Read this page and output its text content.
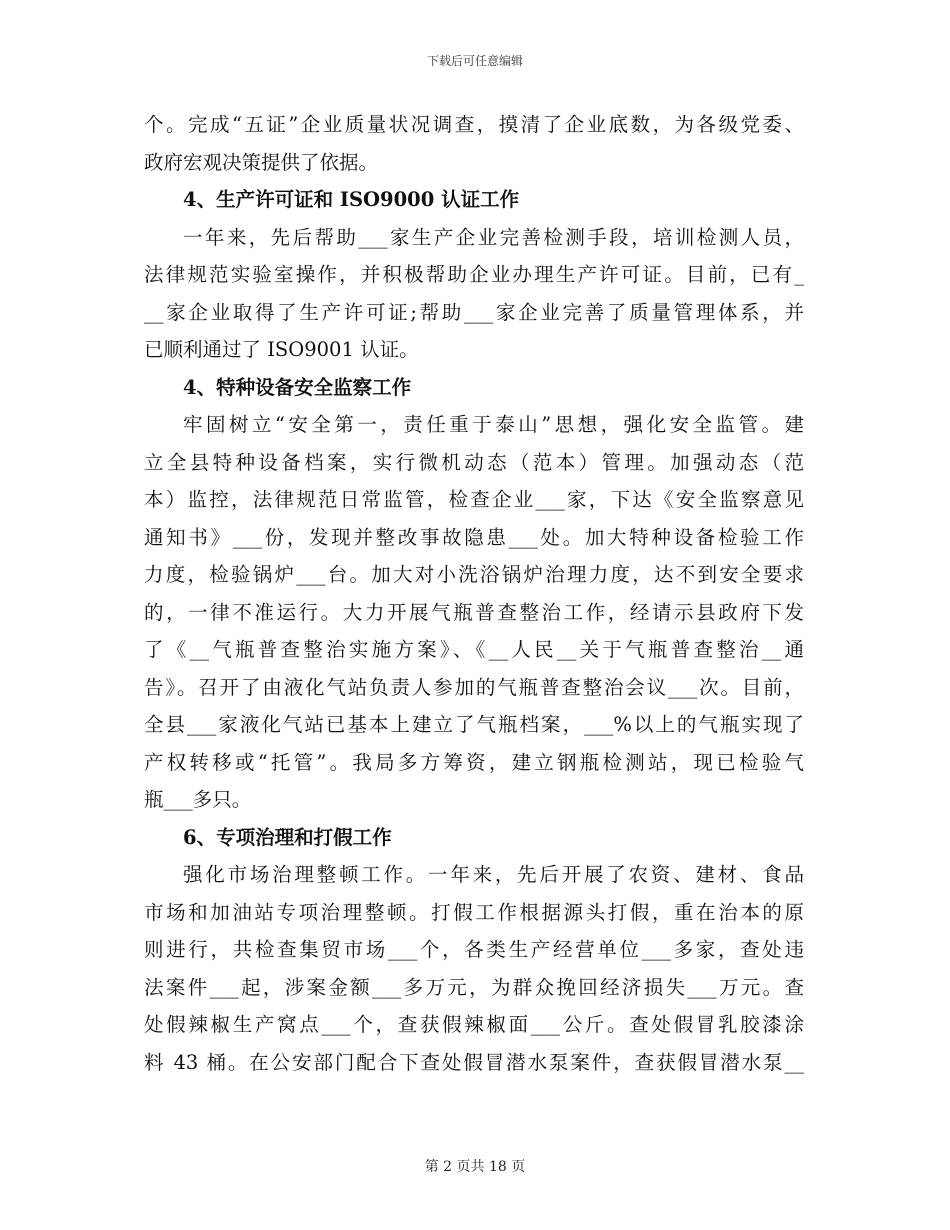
下载后可任意编辑
个。完成“五证”企业质量状况调查，摸清了企业底数，为各级党委、
政府宏观决策提供了依据。
4、生产许可证和 ISO9000 认证工作
一年来，先后帮助___家生产企业完善检测手段，培训检测人员，
法律规范实验室操作，并积极帮助企业办理生产许可证。目前，已有_
__家企业取得了生产许可证;帮助___家企业完善了质量管理体系，并
已顺利通过了 ISO9001 认证。
4、特种设备安全监察工作
牢固树立“安全第一，责任重于泰山”思想，强化安全监管。建
立全县特种设备档案，实行微机动态（范本）管理。加强动态（范
本）监控，法律规范日常监管，检查企业___家，下达《安全监察意见
通知书》___份，发现并整改事故隐患___处。加大特种设备检验工作
力度，检验锅炉___台。加大对小洗浴锅炉治理力度，达不到安全要求
的，一律不准运行。大力开展气瓶普查整治工作，经请示县政府下发
了《__气瓶普查整治实施方案》、《__人民__关于气瓶普查整治__通
告》。召开了由液化气站负责人参加的气瓶普查整治会议___次。目前，
全县___家液化气站已基本上建立了气瓶档案，___%以上的气瓶实现了
产权转移或“托管”。我局多方筹资，建立钢瓶检测站，现已检验气
瓶___多只。
6、专项治理和打假工作
强化市场治理整顿工作。一年来，先后开展了农资、建材、食品
市场和加油站专项治理整顿。打假工作根据源头打假，重在治本的原
则进行，共检查集贸市场___个，各类生产经营单位___多家，查处违
法案件___起，涉案金额___多万元，为群众挽回经济损失___万元。查
处假辣椒生产窝点___个，查获假辣椒面___公斤。查处假冒乳胶漆涂
料 43 桶。在公安部门配合下查处假冒潜水泵案件，查获假冒潜水泵__
第 2 页共 18 页
